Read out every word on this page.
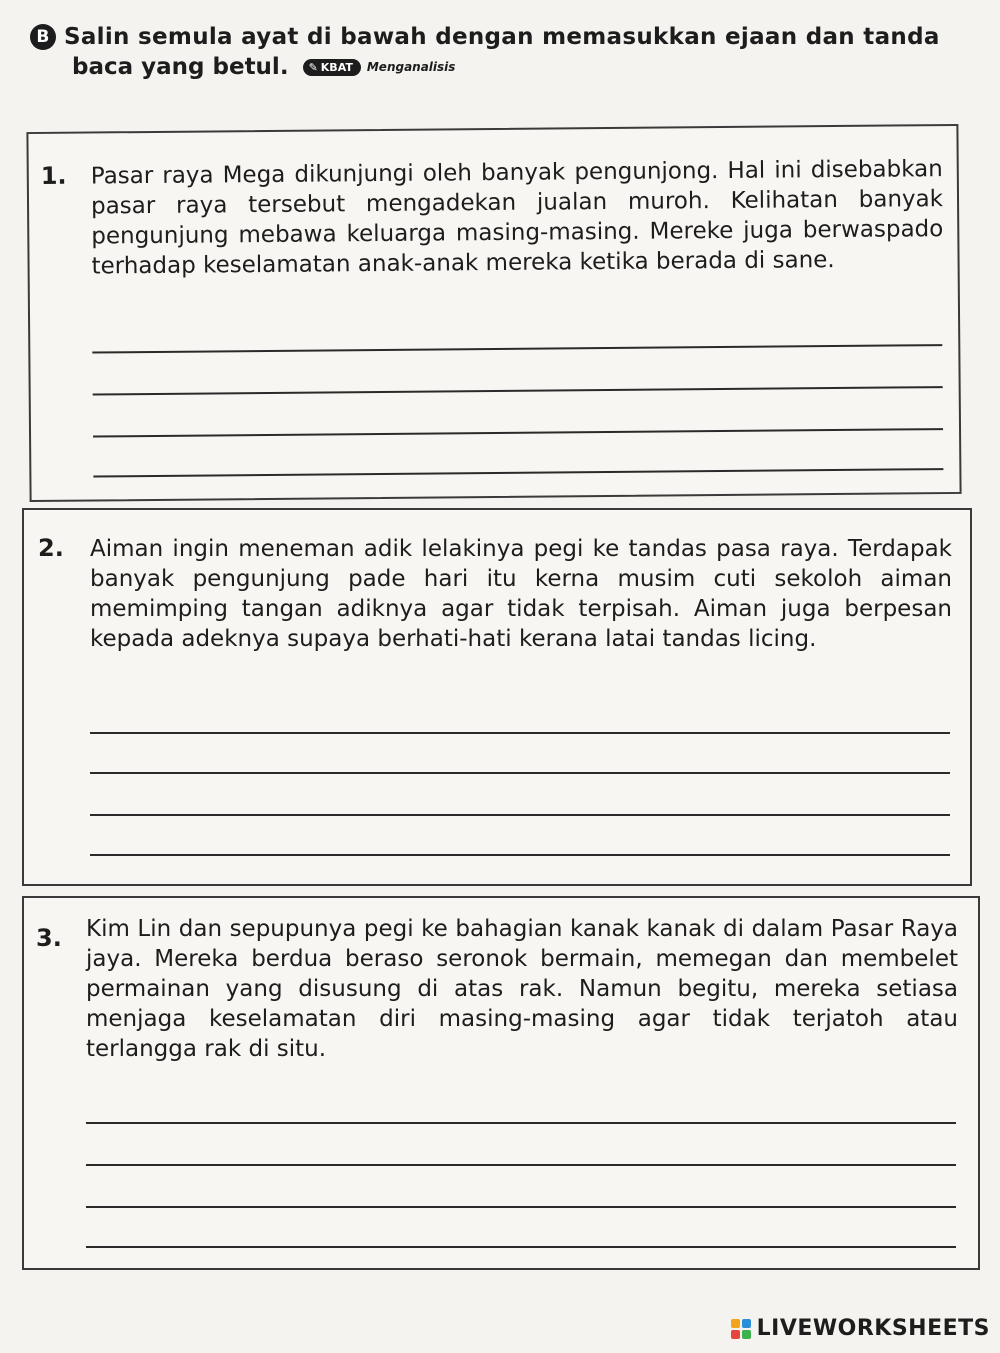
B Salin semula ayat di bawah dengan memasukkan ejaan dan tanda
baca yang betul. ✎ KBAT Menganalisis
1. Pasar raya Mega dikunjungi oleh banyak pengunjong. Hal ini disebabkan pasar raya tersebut mengadekan jualan muroh. Kelihatan banyak pengunjung mebawa keluarga masing-masing. Mereke juga berwaspado terhadap keselamatan anak-anak mereka ketika berada di sane.
2. Aiman ingin meneman adik lelakinya pegi ke tandas pasa raya. Terdapak banyak pengunjung pade hari itu kerna musim cuti sekoloh aiman memimping tangan adiknya agar tidak terpisah. Aiman juga berpesan kepada adeknya supaya berhati-hati kerana latai tandas licing.
3. Kim Lin dan sepupunya pegi ke bahagian kanak kanak di dalam Pasar Raya jaya. Mereka berdua beraso seronok bermain, memegan dan membelet permainan yang disusung di atas rak. Namun begitu, mereka setiasa menjaga keselamatan diri masing-masing agar tidak terjatoh atau terlangga rak di situ.
LIVEWORKSHEETS
